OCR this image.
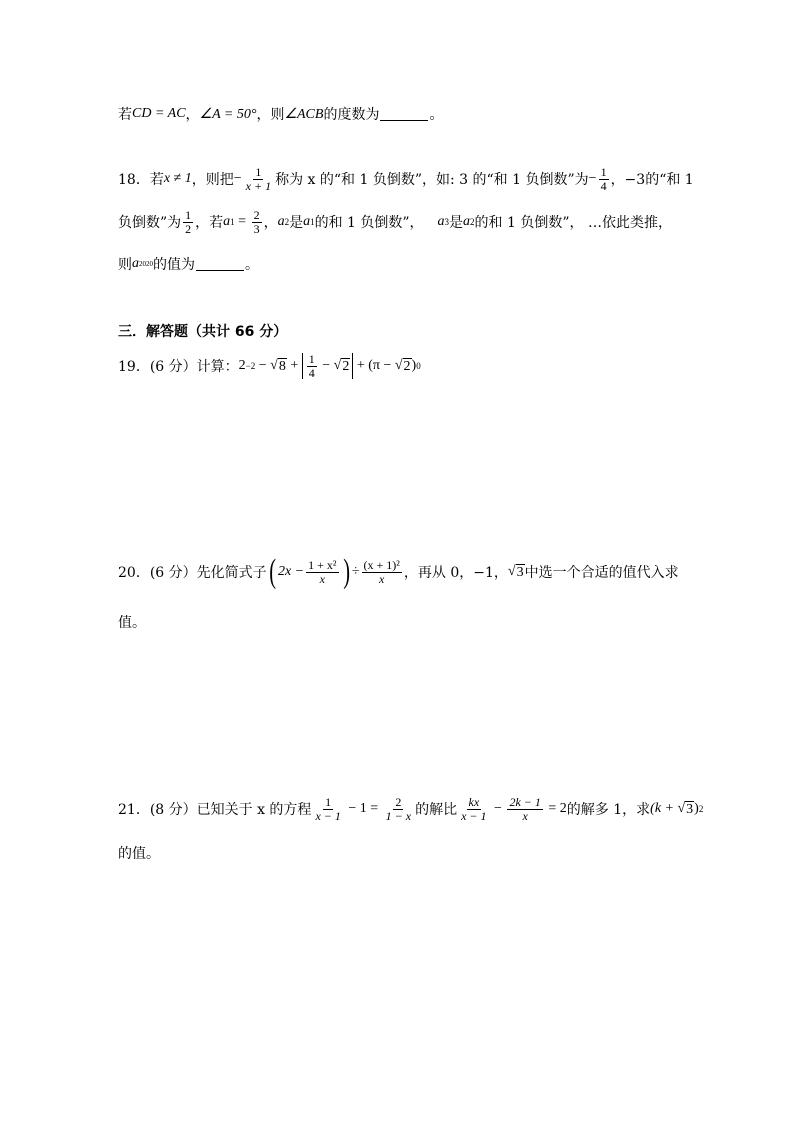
若 CD = AC ， ∠A = 50° ，则 ∠ACB 的度数为	。
18．若 x ≠ 1 ，则把 − $\frac{1}{x + 1}$ 称为 x 的“和 1 负倒数”，如: 3 的“和 1 负倒数”为 − $\frac{1}{4}$ ，−3的“和 1
负倒数”为 $\frac{1}{2}$ ，若 a $1 = \frac{2}{3}$ ， a 2 是 a 1 的和 1 负倒数”， a 3 是 a 2 的和 1 负倒数”， …依此类推，
则 a 2020 的值为	。
三．解答题（共计 66 分）
19．(6 分）计算： 2 −2 − √ $8 + \frac{1}{4}$ − √ 2 + (π − √ 2 ) 0
20．(6 分）先化简式子 ( $2x - \frac{\text{1 + x²}}{x}$ ) ÷ $\frac{\text{(x + 1)²}}{x}$ ，再从 0，−1， √ 3 中选一个合适的值代入求
值。
21．(8 分）已知关于 x 的方程 $\frac{1}{x - 1} - 1 = \frac{2}{1 - x}$ 的解比 $\frac{kx}{x - 1} - \frac{2k - 1}{x} = 2$ 的解多 1，求 (k + √ 3 ) 2
的值。
